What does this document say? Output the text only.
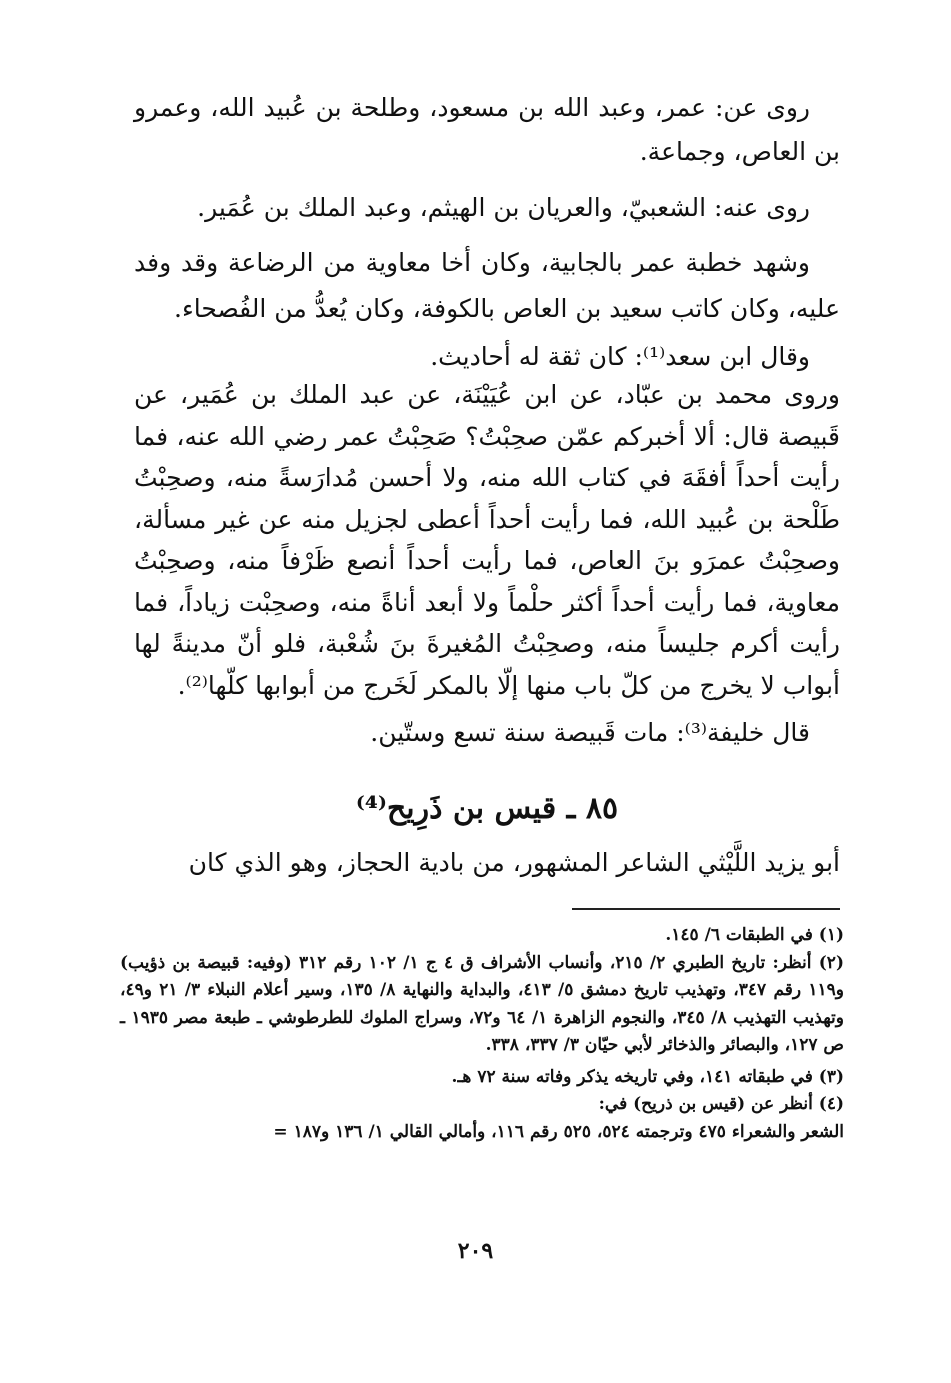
روى عن: عمر، وعبد الله بن مسعود، وطلحة بن عُبيد الله، وعمرو بن العاص، وجماعة.

روى عنه: الشعبيّ، والعريان بن الهيثم، وعبد الملك بن عُمَير.

وشهد خطبة عمر بالجابية، وكان أخا معاوية من الرضاعة وقد وفد عليه، وكان كاتب سعيد بن العاص بالكوفة، وكان يُعدُّ من الفُصحاء.

وقال ابن سعد⁽¹⁾: كان ثقة له أحاديث.

وروى محمد بن عبّاد، عن ابن عُيَيْنَة، عن عبد الملك بن عُمَير، عن قَبيصة قال: ألا أخبركم عمّن صحِبْتُ؟ صَحِبْتُ عمر رضي الله عنه، فما رأيت أحداً أفقَهَ في كتاب الله منه، ولا أحسن مُدارَسةً منه، وصحِبْتُ طَلْحة بن عُبيد الله، فما رأيت أحداً أعطى لجزيل منه عن غير مسألة، وصحِبْتُ عمرَو بنَ العاص، فما رأيت أحداً أنصع ظَرْفاً منه، وصحِبْتُ معاوية، فما رأيت أحداً أكثر حلْماً ولا أبعد أناةً منه، وصحِبْت زياداً، فما رأيت أكرم جليساً منه، وصحِبْتُ المُغيرةَ بنَ شُعْبة، فلو أنّ مدينةً لها أبواب لا يخرج من كلّ باب منها إلّا بالمكر لَخَرج من أبوابها كلّها⁽²⁾.

قال خليفة⁽³⁾: مات قَبيصة سنة تسع وستّين.

٨٥ ـ قيس بن ذَرِيح⁽⁴⁾

أبو يزيد اللَّيْثي الشاعر المشهور، من بادية الحجاز، وهو الذي كان

(١) في الطبقات ٦/ ١٤٥.

(٢) أنظر: تاريخ الطبري ٢/ ٢١٥، وأنساب الأشراف ق ٤ ج ١/ ١٠٢ رقم ٣١٢ (وفيه: قبيصة بن ذؤيب) و١١٩ رقم ٣٤٧، وتهذيب تاريخ دمشق ٥/ ٤١٣، والبداية والنهاية ٨/ ١٣٥، وسير أعلام النبلاء ٣/ ٢١ و٤٩، وتهذيب التهذيب ٨/ ٣٤٥، والنجوم الزاهرة ١/ ٦٤ و٧٢، وسراج الملوك للطرطوشي ـ طبعة مصر ١٩٣٥ ـ ص ١٢٧، والبصائر والذخائر لأبي حيّان ٣/ ٣٣٧، ٣٣٨.

(٣) في طبقاته ١٤١، وفي تاريخه يذكر وفاته سنة ٧٢ هـ.

(٤) أنظر عن (قيس بن ذريح) في:

الشعر والشعراء ٤٧٥ وترجمته ٥٢٤، ٥٢٥ رقم ١١٦، وأمالي القالي ١/ ١٣٦ و١٨٧ =

٢٠٩
